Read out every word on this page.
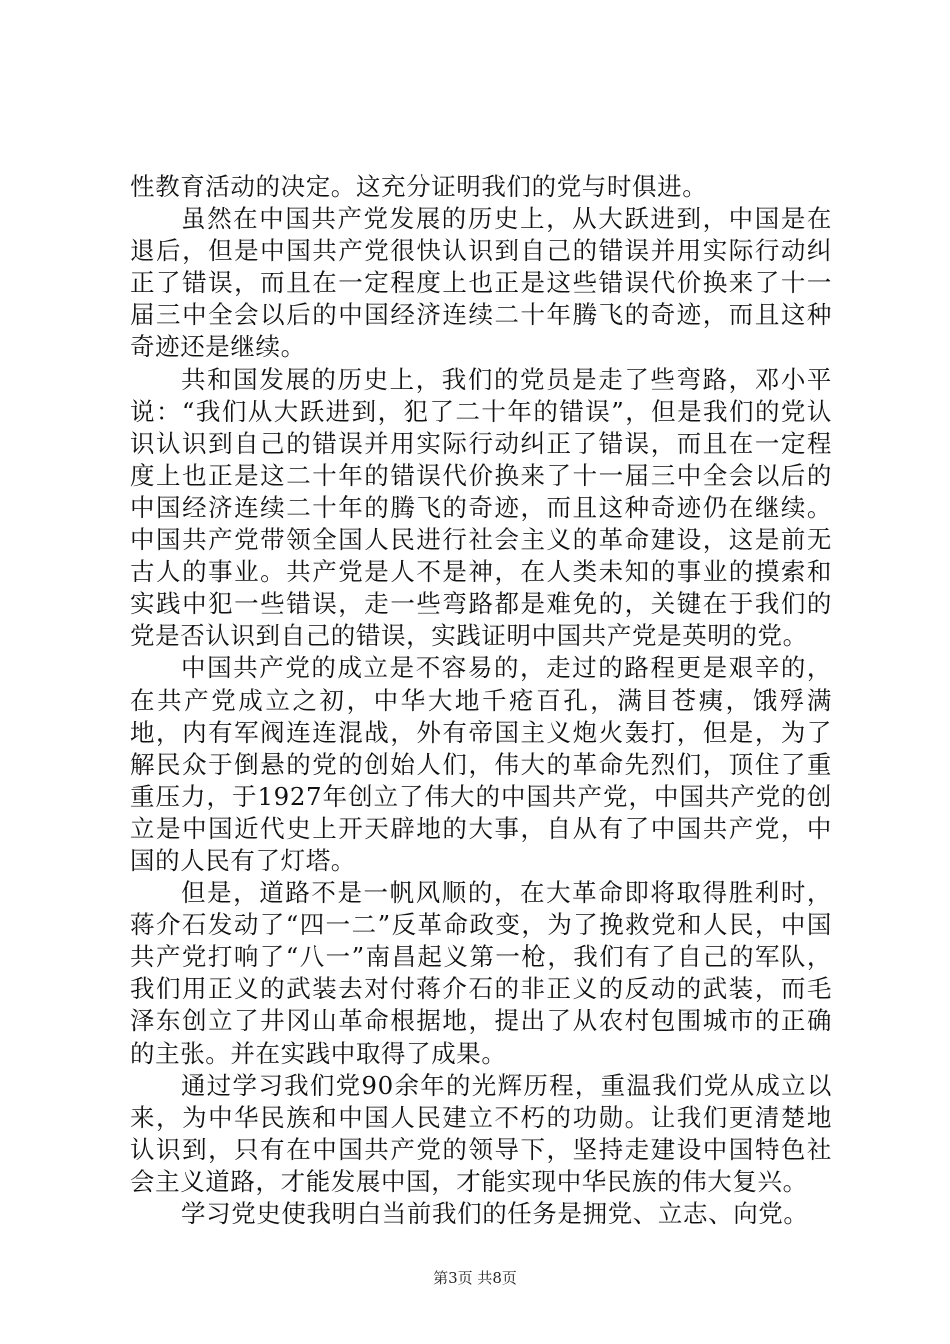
性教育活动的决定。这充分证明我们的党与时俱进。

虽然在中国共产党发展的历史上，从大跃进到，中国是在退后，但是中国共产党很快认识到自己的错误并用实际行动纠正了错误，而且在一定程度上也正是这些错误代价换来了十一届三中全会以后的中国经济连续二十年腾飞的奇迹，而且这种奇迹还是继续。

共和国发展的历史上，我们的党员是走了些弯路，邓小平说：“我们从大跃进到，犯了二十年的错误”，但是我们的党认识认识到自己的错误并用实际行动纠正了错误，而且在一定程度上也正是这二十年的错误代价换来了十一届三中全会以后的中国经济连续二十年的腾飞的奇迹，而且这种奇迹仍在继续。中国共产党带领全国人民进行社会主义的革命建设，这是前无古人的事业。共产党是人不是神，在人类未知的事业的摸索和实践中犯一些错误，走一些弯路都是难免的，关键在于我们的党是否认识到自己的错误，实践证明中国共产党是英明的党。

中国共产党的成立是不容易的，走过的路程更是艰辛的，在共产党成立之初，中华大地千疮百孔，满目苍痍，饿殍满地，内有军阀连连混战，外有帝国主义炮火轰打，但是，为了解民众于倒悬的党的创始人们，伟大的革命先烈们，顶住了重重压力，于1927年创立了伟大的中国共产党，中国共产党的创立是中国近代史上开天辟地的大事，自从有了中国共产党，中国的人民有了灯塔。

但是，道路不是一帆风顺的，在大革命即将取得胜利时，蒋介石发动了“四一二”反革命政变，为了挽救党和人民，中国共产党打响了“八一”南昌起义第一枪，我们有了自己的军队，我们用正义的武装去对付蒋介石的非正义的反动的武装，而毛泽东创立了井冈山革命根据地，提出了从农村包围城市的正确的主张。并在实践中取得了成果。

通过学习我们党90余年的光辉历程，重温我们党从成立以来，为中华民族和中国人民建立不朽的功勋。让我们更清楚地认识到，只有在中国共产党的领导下，坚持走建设中国特色社会主义道路，才能发展中国，才能实现中华民族的伟大复兴。

学习党史使我明白当前我们的任务是拥党、立志、向党。

第3页 共8页
